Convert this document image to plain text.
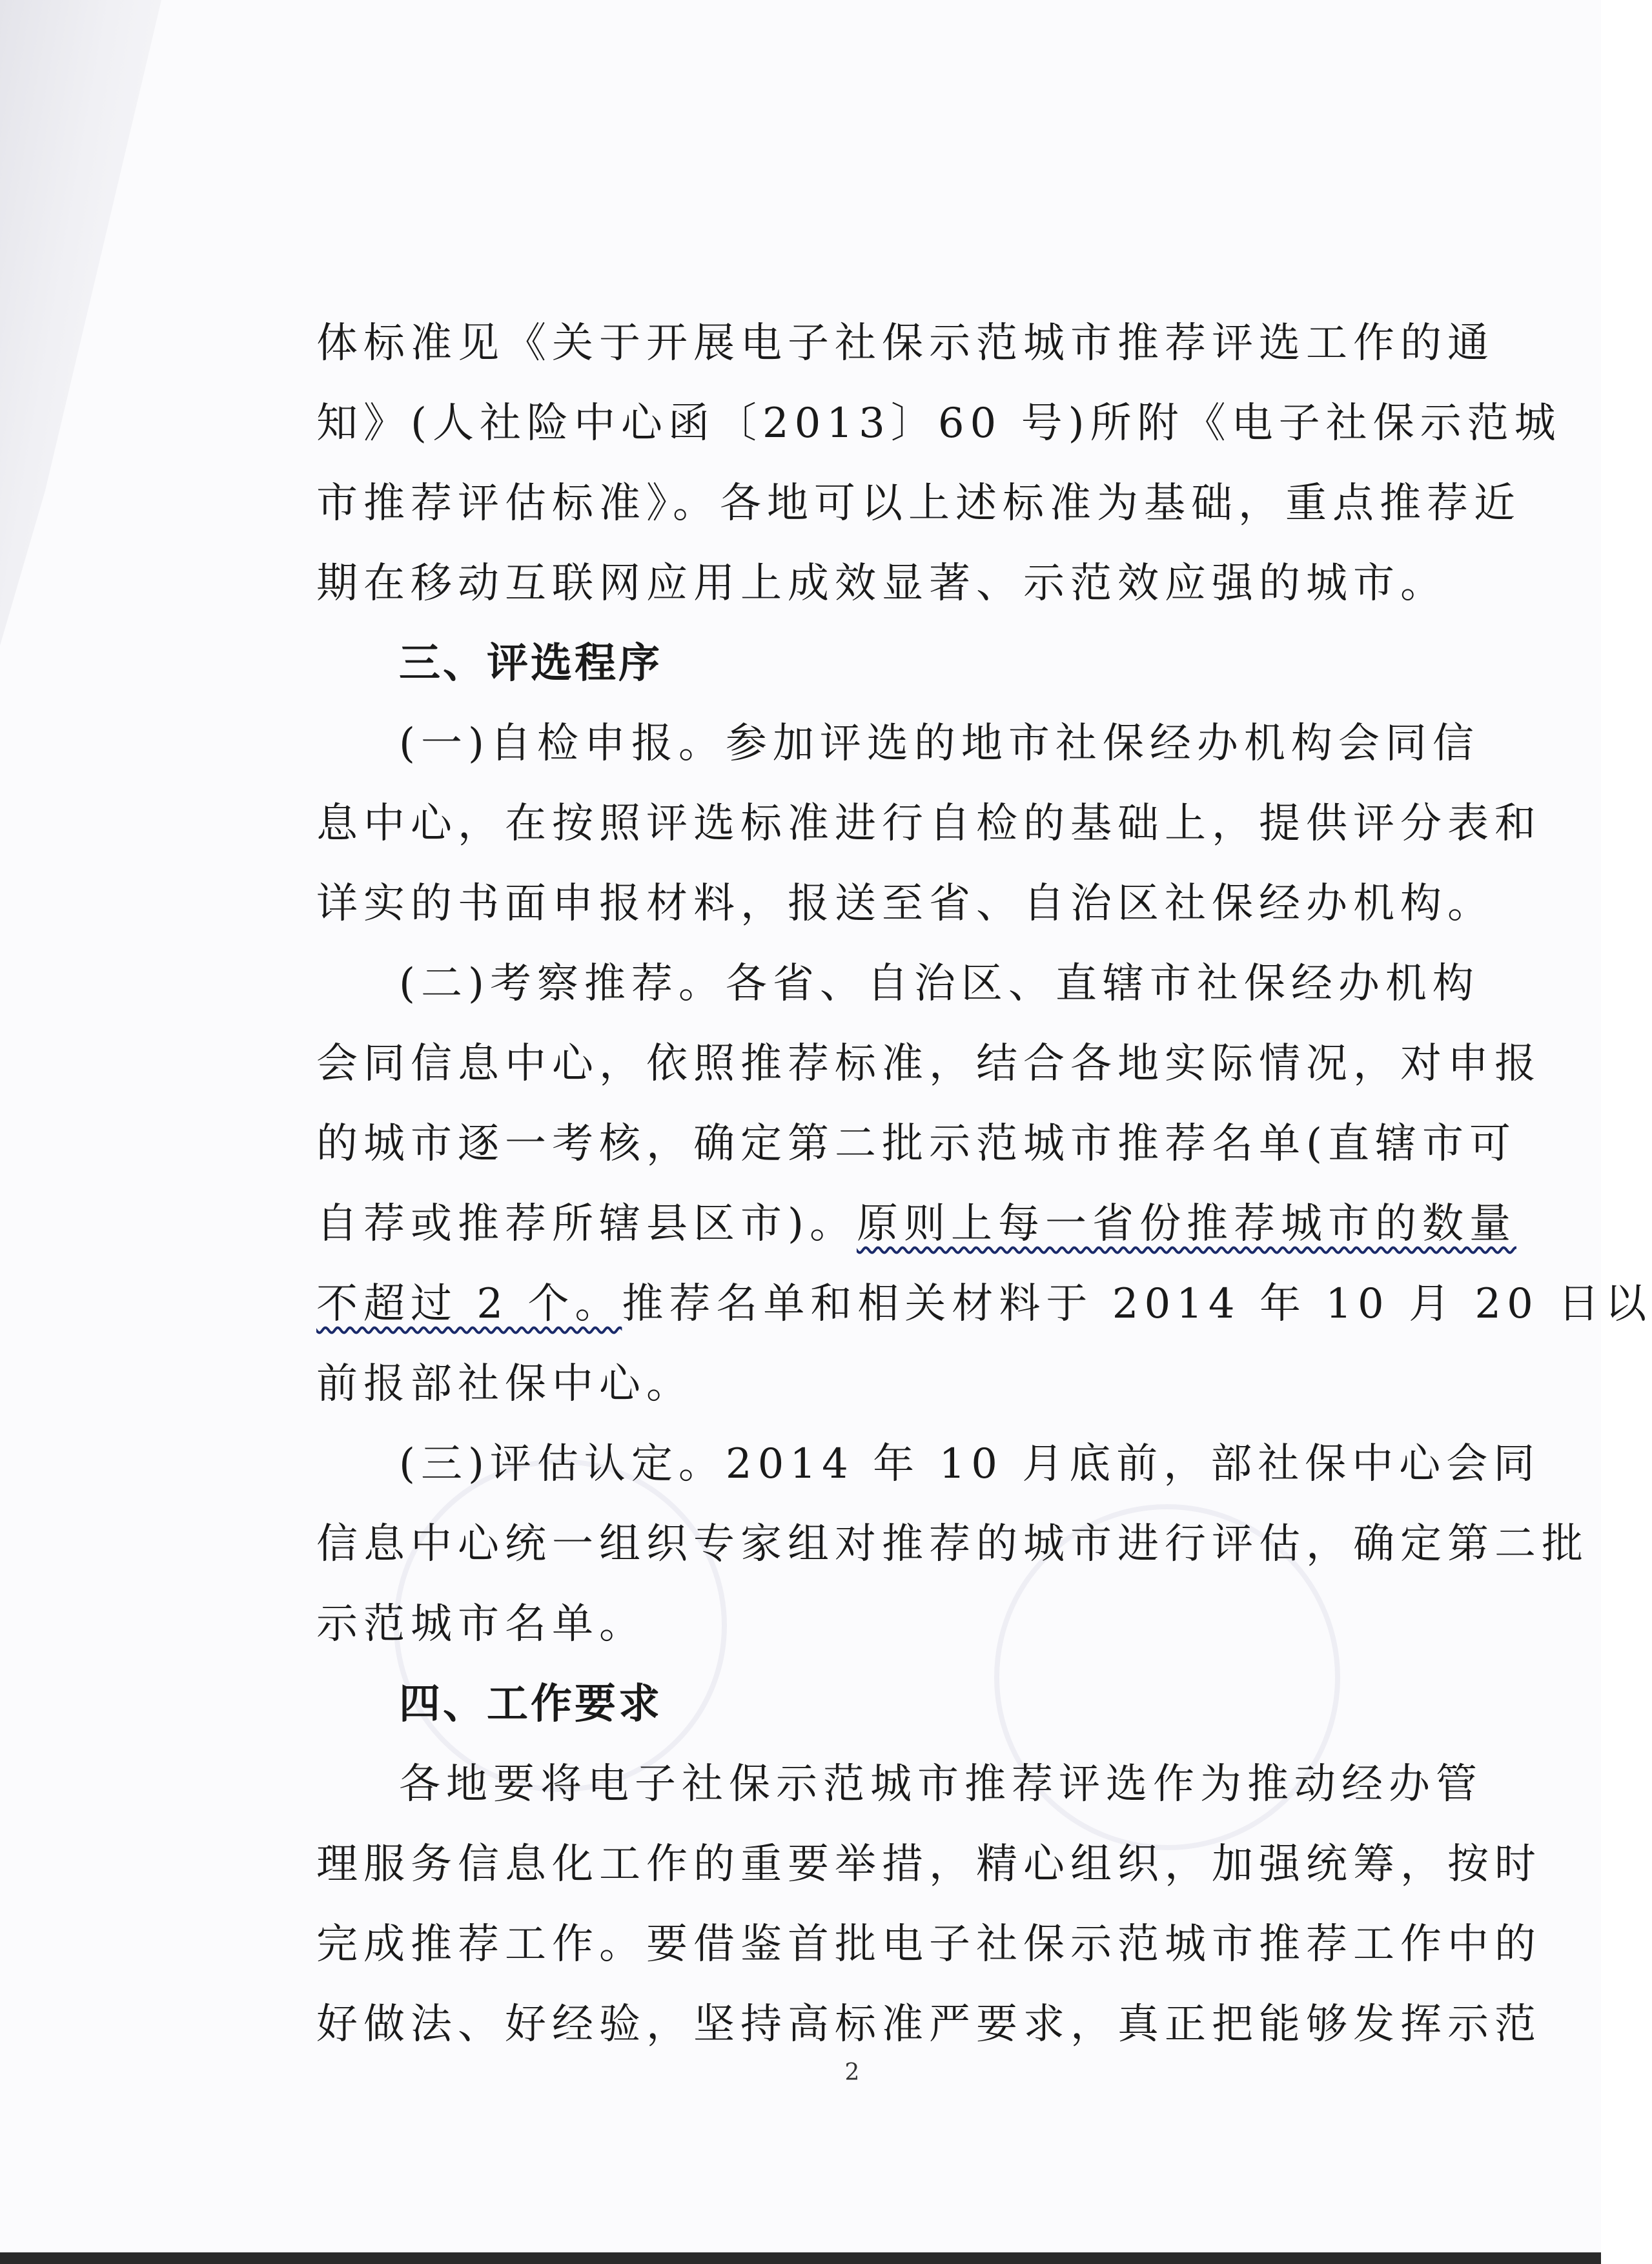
体标准见《关于开展电子社保示范城市推荐评选工作的通
知》(人社险中心函〔2013〕60 号)所附《电子社保示范城
市推荐评估标准》。各地可以上述标准为基础，重点推荐近
期在移动互联网应用上成效显著、示范效应强的城市。
三、评选程序
(一)自检申报。参加评选的地市社保经办机构会同信
息中心，在按照评选标准进行自检的基础上，提供评分表和
详实的书面申报材料，报送至省、自治区社保经办机构。
(二)考察推荐。各省、自治区、直辖市社保经办机构
会同信息中心，依照推荐标准，结合各地实际情况，对申报
的城市逐一考核，确定第二批示范城市推荐名单(直辖市可
自荐或推荐所辖县区市)。原则上每一省份推荐城市的数量
不超过 2 个。推荐名单和相关材料于 2014 年 10 月 20 日以
前报部社保中心。
(三)评估认定。2014 年 10 月底前，部社保中心会同
信息中心统一组织专家组对推荐的城市进行评估，确定第二批
示范城市名单。
四、工作要求
各地要将电子社保示范城市推荐评选作为推动经办管
理服务信息化工作的重要举措，精心组织，加强统筹，按时
完成推荐工作。要借鉴首批电子社保示范城市推荐工作中的
好做法、好经验，坚持高标准严要求，真正把能够发挥示范
2
